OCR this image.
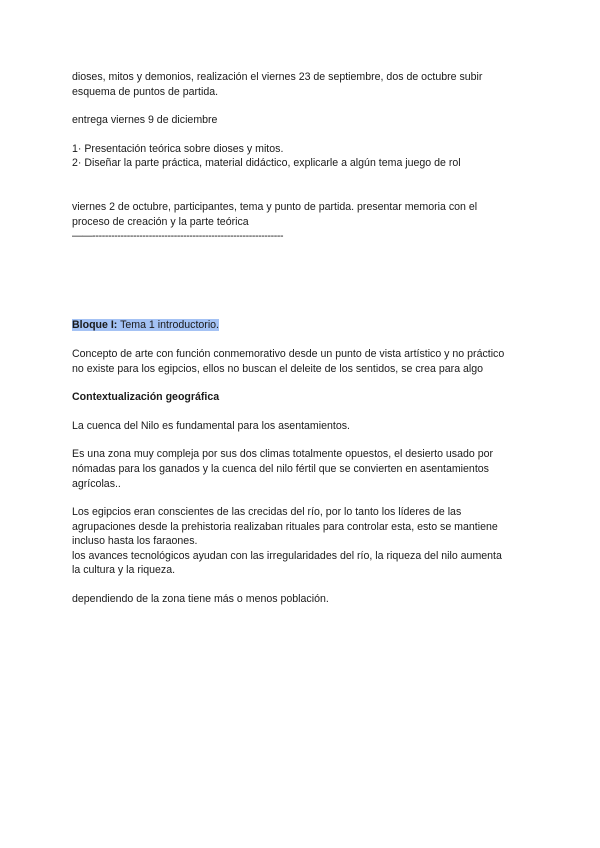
dioses, mitos y demonios, realización el viernes 23 de septiembre, dos de octubre subir
esquema de puntos de partida.

entrega viernes 9 de diciembre

1· Presentación teórica sobre dioses y mitos.

2· Diseñar la parte práctica, material didáctico, explicarle a algún tema juego de rol

viernes 2 de octubre, participantes, tema y punto de partida. presentar memoria con el
proceso de creación y la parte teórica

——-------------------------------------------------------------

Bloque I: Tema 1 introductorio.

Concepto de arte con función conmemorativo desde un punto de vista artístico y no práctico
no existe para los egipcios, ellos no buscan el deleite de los sentidos, se crea para algo

Contextualización geográfica

La cuenca del Nilo es fundamental para los asentamientos.

Es una zona muy compleja por sus dos climas totalmente opuestos, el desierto usado por
nómadas para los ganados y la cuenca del nilo fértil que se convierten en asentamientos
agrícolas..

Los egipcios eran conscientes de las crecidas del río, por lo tanto los líderes de las
agrupaciones desde la prehistoria realizaban rituales para controlar esta, esto se mantiene
incluso hasta los faraones.
los avances tecnológicos ayudan con las irregularidades del río, la riqueza del nilo aumenta
la cultura y la riqueza.

dependiendo de la zona tiene más o menos población.
